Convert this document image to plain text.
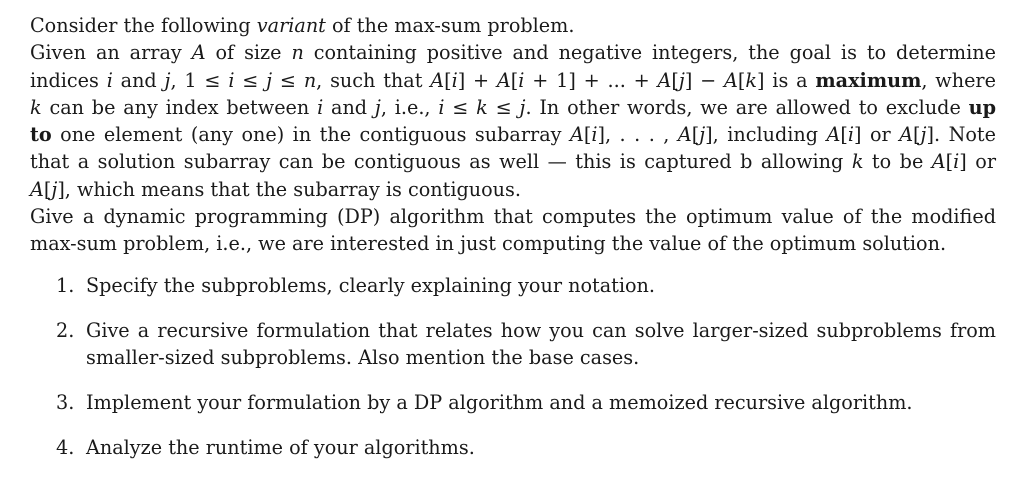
Consider the following variant of the max-sum problem.
Given an array A of size n containing positive and negative integers, the goal is to determine
indices i and j, 1 ≤ i ≤ j ≤ n, such that A[i] + A[i + 1] + ... + A[j] − A[k] is a maximum, where
k can be any index between i and j, i.e., i ≤ k ≤ j. In other words, we are allowed to exclude up
to one element (any one) in the contiguous subarray A[i], . . . , A[j], including A[i] or A[j]. Note
that a solution subarray can be contiguous as well — this is captured b allowing k to be A[i] or
A[j], which means that the subarray is contiguous.
Give a dynamic programming (DP) algorithm that computes the optimum value of the modified
max-sum problem, i.e., we are interested in just computing the value of the optimum solution.

1. Specify the subproblems, clearly explaining your notation.
2. Give a recursive formulation that relates how you can solve larger-sized subproblems from
smaller-sized subproblems. Also mention the base cases.
3. Implement your formulation by a DP algorithm and a memoized recursive algorithm.
4. Analyze the runtime of your algorithms.
